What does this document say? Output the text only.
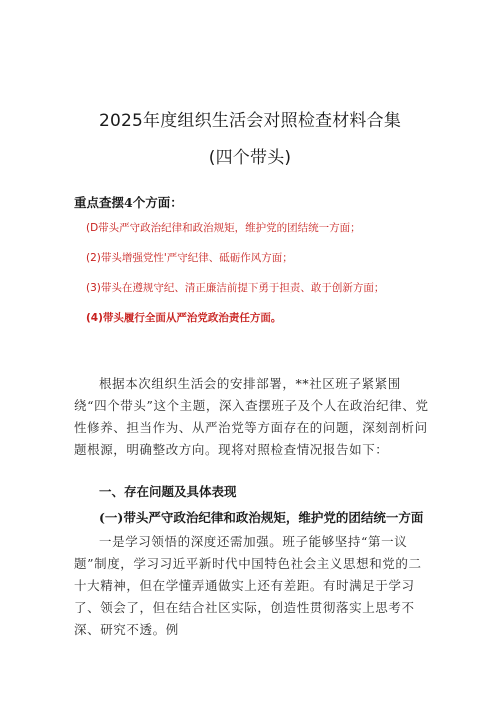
2025年度组织生活会对照检查材料合集
(四个带头)
重点查摆4个方面：
(D带头严守政治纪律和政治规矩，维护党的团结统一方面；
(2)带头增强党性'严守纪律、砥砺作风方面；
(3)带头在遵规守纪、清正廉洁前提下勇于担责、敢于创新方面；
(4)带头履行全面从严治党政治责任方面。

根据本次组织生活会的安排部署，**社区班子紧紧围绕“四个带头”这个主题，深入查摆班子及个人在政治纪律、党性修养、担当作为、从严治党等方面存在的问题，深刻剖析问题根源，明确整改方向。现将对照检查情况报告如下：

一、存在问题及具体表现
(一)带头严守政治纪律和政治规矩，维护党的团结统一方面

一是学习领悟的深度还需加强。班子能够坚持“第一议题”制度，学习习近平新时代中国特色社会主义思想和党的二十大精神，但在学懂弄通做实上还有差距。有时满足于学习了、领会了，但在结合社区实际，创造性贯彻落实上思考不深、研究不透。例
